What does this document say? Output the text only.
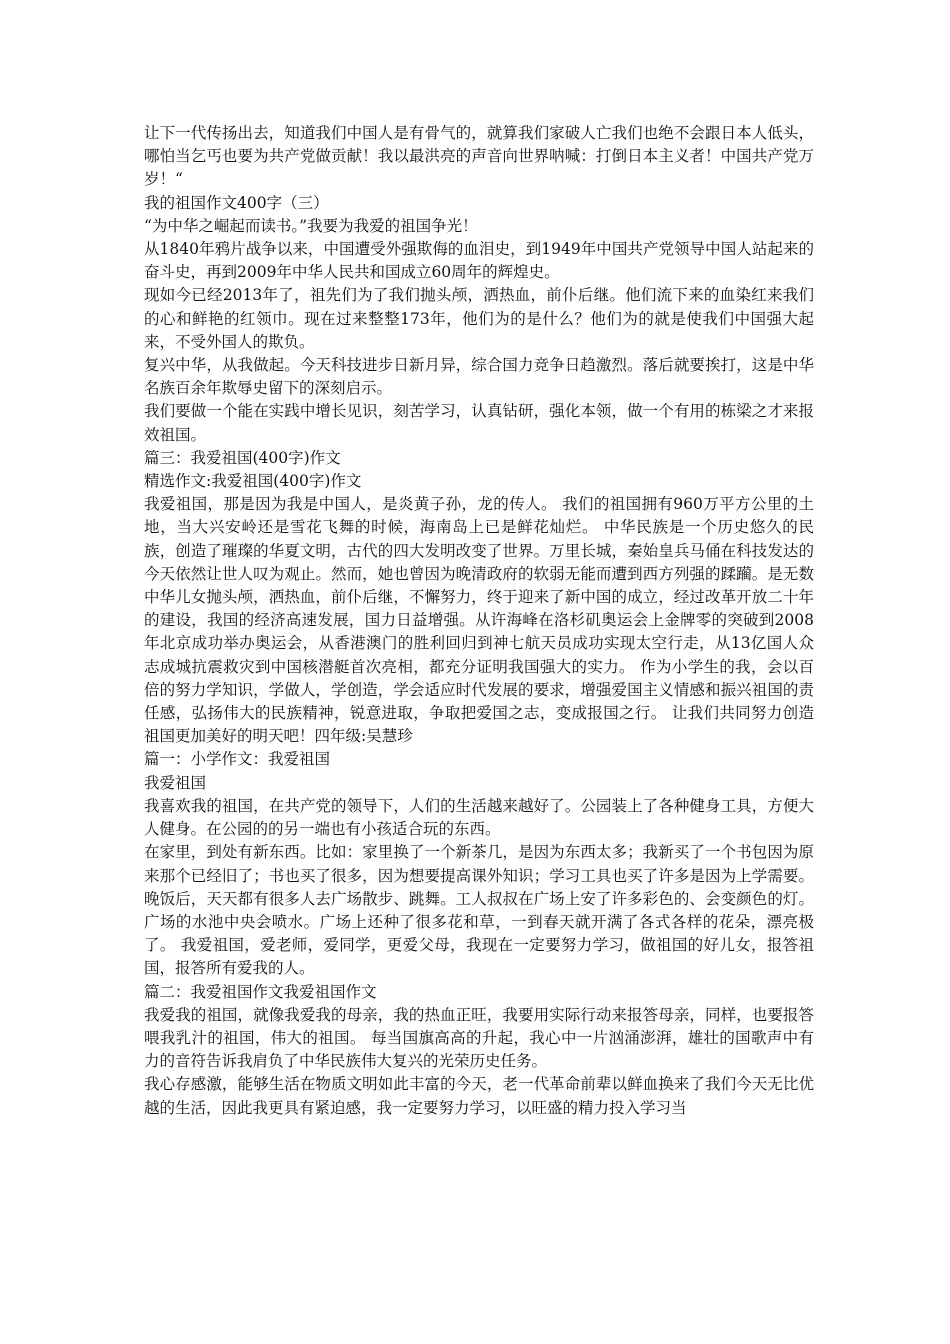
让下一代传扬出去，知道我们中国人是有骨气的，就算我们家破人亡我们也绝不会跟日本人低头，哪怕当乞丐也要为共产党做贡献！我以最洪亮的声音向世界呐喊：打倒日本主义者！中国共产党万岁！“

我的祖国作文400字（三）

“为中华之崛起而读书。”我要为我爱的祖国争光！

从1840年鸦片战争以来，中国遭受外强欺侮的血泪史，到1949年中国共产党领导中国人站起来的奋斗史，再到2009年中华人民共和国成立60周年的辉煌史。

现如今已经2013年了，祖先们为了我们抛头颅，洒热血，前仆后继。他们流下来的血染红来我们的心和鲜艳的红领巾。现在过来整整173年，他们为的是什么？他们为的就是使我们中国强大起来，不受外国人的欺负。

复兴中华，从我做起。今天科技进步日新月异，综合国力竞争日趋激烈。落后就要挨打，这是中华名族百余年欺辱史留下的深刻启示。

我们要做一个能在实践中增长见识，刻苦学习，认真钻研，强化本领，做一个有用的栋梁之才来报效祖国。

篇三：我爱祖国(400字)作文

精选作文:我爱祖国(400字)作文

我爱祖国，那是因为我是中国人，是炎黄子孙，龙的传人。 我们的祖国拥有960万平方公里的土地，当大兴安岭还是雪花飞舞的时候，海南岛上已是鲜花灿烂。 中华民族是一个历史悠久的民族，创造了璀璨的华夏文明，古代的四大发明改变了世界。万里长城，秦始皇兵马俑在科技发达的今天依然让世人叹为观止。然而，她也曾因为晚清政府的软弱无能而遭到西方列强的蹂躏。是无数中华儿女抛头颅，洒热血，前仆后继，不懈努力，终于迎来了新中国的成立，经过改革开放二十年的建设，我国的经济高速发展，国力日益增强。从许海峰在洛杉矶奥运会上金牌零的突破到2008年北京成功举办奥运会，从香港澳门的胜利回归到神七航天员成功实现太空行走，从13亿国人众志成城抗震救灾到中国核潜艇首次亮相，都充分证明我国强大的实力。 作为小学生的我，会以百倍的努力学知识，学做人，学创造，学会适应时代发展的要求，增强爱国主义情感和振兴祖国的责任感，弘扬伟大的民族精神，锐意进取，争取把爱国之志，变成报国之行。 让我们共同努力创造祖国更加美好的明天吧！四年级:吴慧珍

篇一：小学作文：我爱祖国

我爱祖国

我喜欢我的祖国，在共产党的领导下，人们的生活越来越好了。公园装上了各种健身工具，方便大人健身。在公园的的另一端也有小孩适合玩的东西。

在家里，到处有新东西。比如：家里换了一个新茶几，是因为东西太多；我新买了一个书包因为原来那个已经旧了；书也买了很多，因为想要提高课外知识；学习工具也买了许多是因为上学需要。 晚饭后，天天都有很多人去广场散步、跳舞。工人叔叔在广场上安了许多彩色的、会变颜色的灯。广场的水池中央会喷水。广场上还种了很多花和草，一到春天就开满了各式各样的花朵，漂亮极了。 我爱祖国，爱老师，爱同学，更爱父母，我现在一定要努力学习，做祖国的好儿女，报答祖国，报答所有爱我的人。

篇二：我爱祖国作文我爱祖国作文

我爱我的祖国，就像我爱我的母亲，我的热血正旺，我要用实际行动来报答母亲，同样，也要报答喂我乳汁的祖国，伟大的祖国。 每当国旗高高的升起，我心中一片汹涌澎湃，雄壮的国歌声中有力的音符告诉我肩负了中华民族伟大复兴的光荣历史任务。

我心存感激，能够生活在物质文明如此丰富的今天，老一代革命前辈以鲜血换来了我们今天无比优越的生活，因此我更具有紧迫感，我一定要努力学习，以旺盛的精力投入学习当
